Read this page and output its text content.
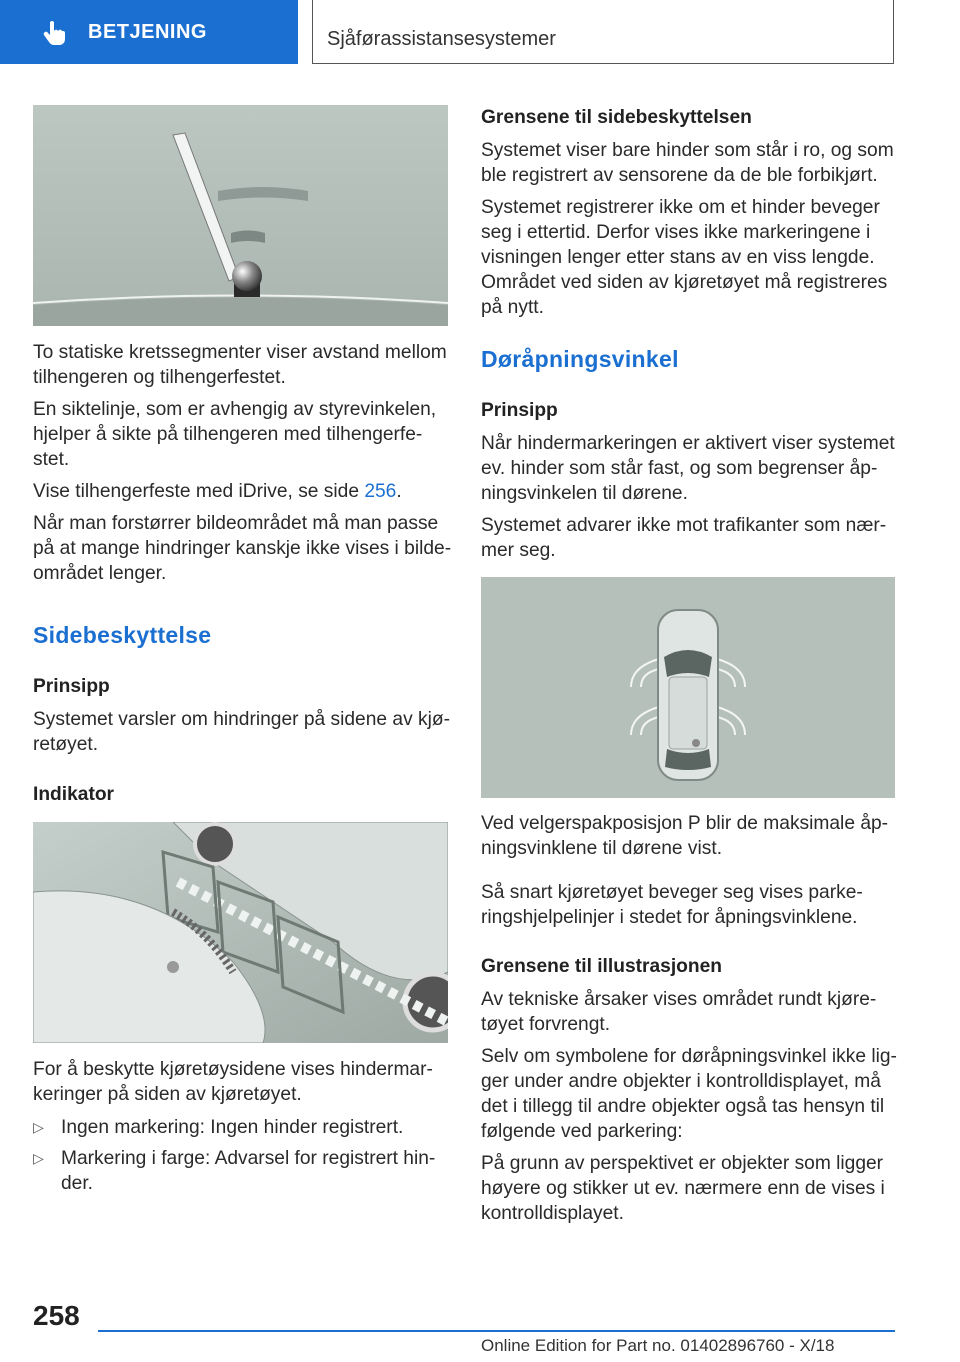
BETJENING	Sjåførassistansesystemer

To statiske kretssegmenter viser avstand mellom tilhengeren og tilhengerfestet.

En siktelinje, som er avhengig av styrevinkelen, hjelper å sikte på tilhengeren med tilhengerfe-stet.

Vise tilhengerfeste med iDrive, se side 256.

Når man forstørrer bildeområdet må man passe på at mange hindringer kanskje ikke vises i bilde-området lenger.

Sidebeskyttelse
Prinsipp

Systemet varsler om hindringer på sidene av kjø-retøyet.

Indikator

For å beskytte kjøretøysidene vises hindermar-keringer på siden av kjøretøyet.

▷ Ingen markering: Ingen hinder registrert.
▷ Markering i farge: Advarsel for registrert hin-der.
Grensene til sidebeskyttelsen

Systemet viser bare hinder som står i ro, og som ble registrert av sensorene da de ble forbikjørt.

Systemet registrerer ikke om et hinder beveger seg i ettertid. Derfor vises ikke markeringene i visningen lenger etter stans av en viss lengde. Området ved siden av kjøretøyet må registreres på nytt.

Døråpningsvinkel
Prinsipp

Når hindermarkeringen er aktivert viser systemet ev. hinder som står fast, og som begrenser åp-ningsvinkelen til dørene.

Systemet advarer ikke mot trafikanter som nær-mer seg.

Ved velgerspakposisjon P blir de maksimale åp-ningsvinklene til dørene vist.

Så snart kjøretøyet beveger seg vises parke-ringshjelpelinjer i stedet for åpningsvinklene.

Grensene til illustrasjonen

Av tekniske årsaker vises området rundt kjøre-tøyet forvrengt.

Selv om symbolene for døråpningsvinkel ikke lig-ger under andre objekter i kontrolldisplayet, må det i tillegg til andre objekter også tas hensyn til følgende ved parkering:

På grunn av perspektivet er objekter som ligger høyere og stikker ut ev. nærmere enn de vises i kontrolldisplayet.

258
Online Edition for Part no. 01402896760 - X/18
